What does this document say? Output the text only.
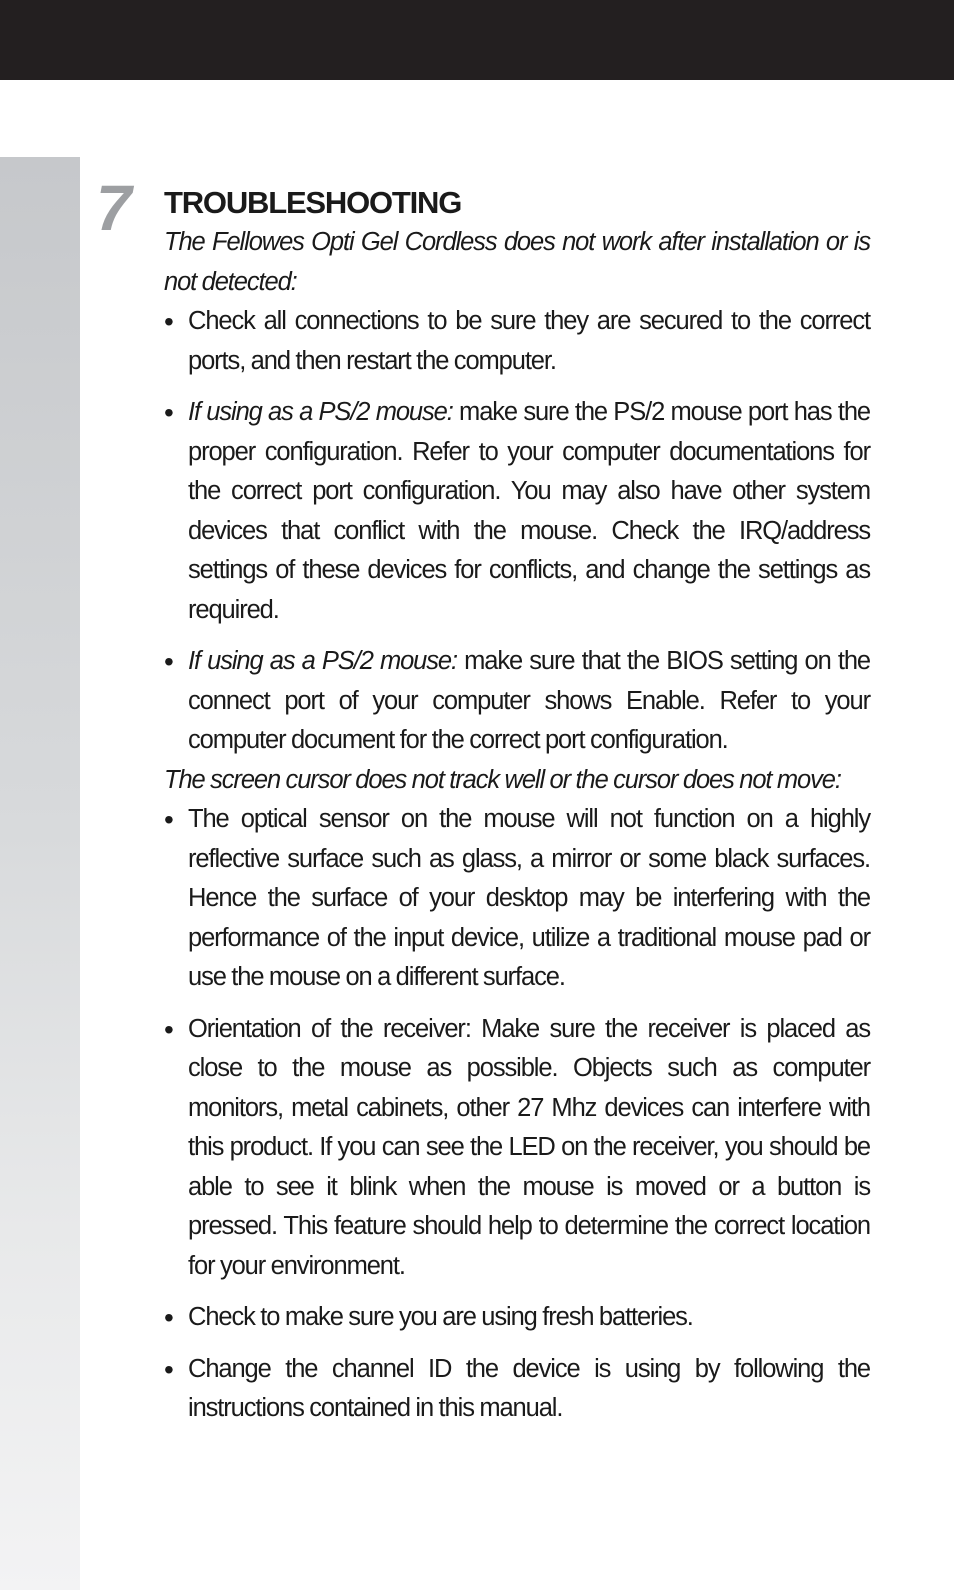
7 TROUBLESHOOTING

The Fellowes Opti Gel Cordless does not work after installation or is not detected:

• Check all connections to be sure they are secured to the correct ports, and then restart the computer.
• If using as a PS/2 mouse: make sure the PS/2 mouse port has the proper configuration. Refer to your computer documentations for the correct port configuration. You may also have other system devices that conflict with the mouse. Check the IRQ/address settings of these devices for conflicts, and change the settings as required.
• If using as a PS/2 mouse: make sure that the BIOS setting on the connect port of your computer shows Enable. Refer to your computer document for the correct port configuration.

The screen cursor does not track well or the cursor does not move:

• The optical sensor on the mouse will not function on a highly reflective surface such as glass, a mirror or some black surfaces. Hence the surface of your desktop may be interfering with the performance of the input device, utilize a traditional mouse pad or use the mouse on a different surface.
• Orientation of the receiver: Make sure the receiver is placed as close to the mouse as possible. Objects such as computer monitors, metal cabinets, other 27 Mhz devices can interfere with this product. If you can see the LED on the receiver, you should be able to see it blink when the mouse is moved or a button is pressed. This feature should help to determine the correct location for your environment.
• Check to make sure you are using fresh batteries.
• Change the channel ID the device is using by following the instructions contained in this manual.
